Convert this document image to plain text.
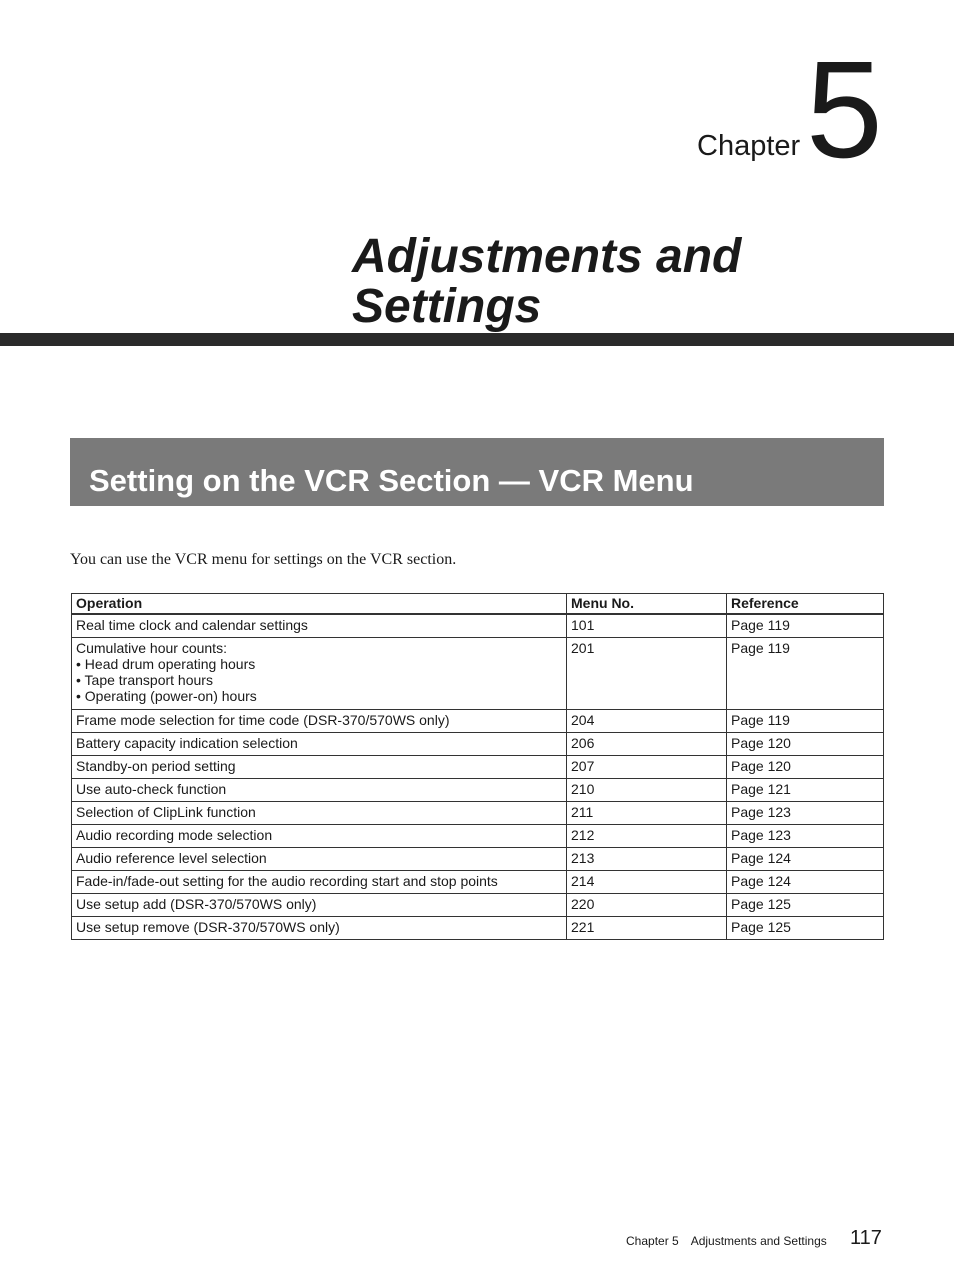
Chapter 5
Adjustments and Settings
Setting on the VCR Section — VCR Menu

You can use the VCR menu for settings on the VCR section.

Operation	Menu No.	Reference
Real time clock and calendar settings	101	Page 119
Cumulative hour counts:
• Head drum operating hours
• Tape transport hours
• Operating (power-on) hours	201	Page 119
Frame mode selection for time code (DSR-370/570WS only)	204	Page 119
Battery capacity indication selection	206	Page 120
Standby-on period setting	207	Page 120
Use auto-check function	210	Page 121
Selection of ClipLink function	211	Page 123
Audio recording mode selection	212	Page 123
Audio reference level selection	213	Page 124
Fade-in/fade-out setting for the audio recording start and stop points	214	Page 124
Use setup add (DSR-370/570WS only)	220	Page 125
Use setup remove (DSR-370/570WS only)	221	Page 125
Chapter 5 Adjustments and Settings 117
